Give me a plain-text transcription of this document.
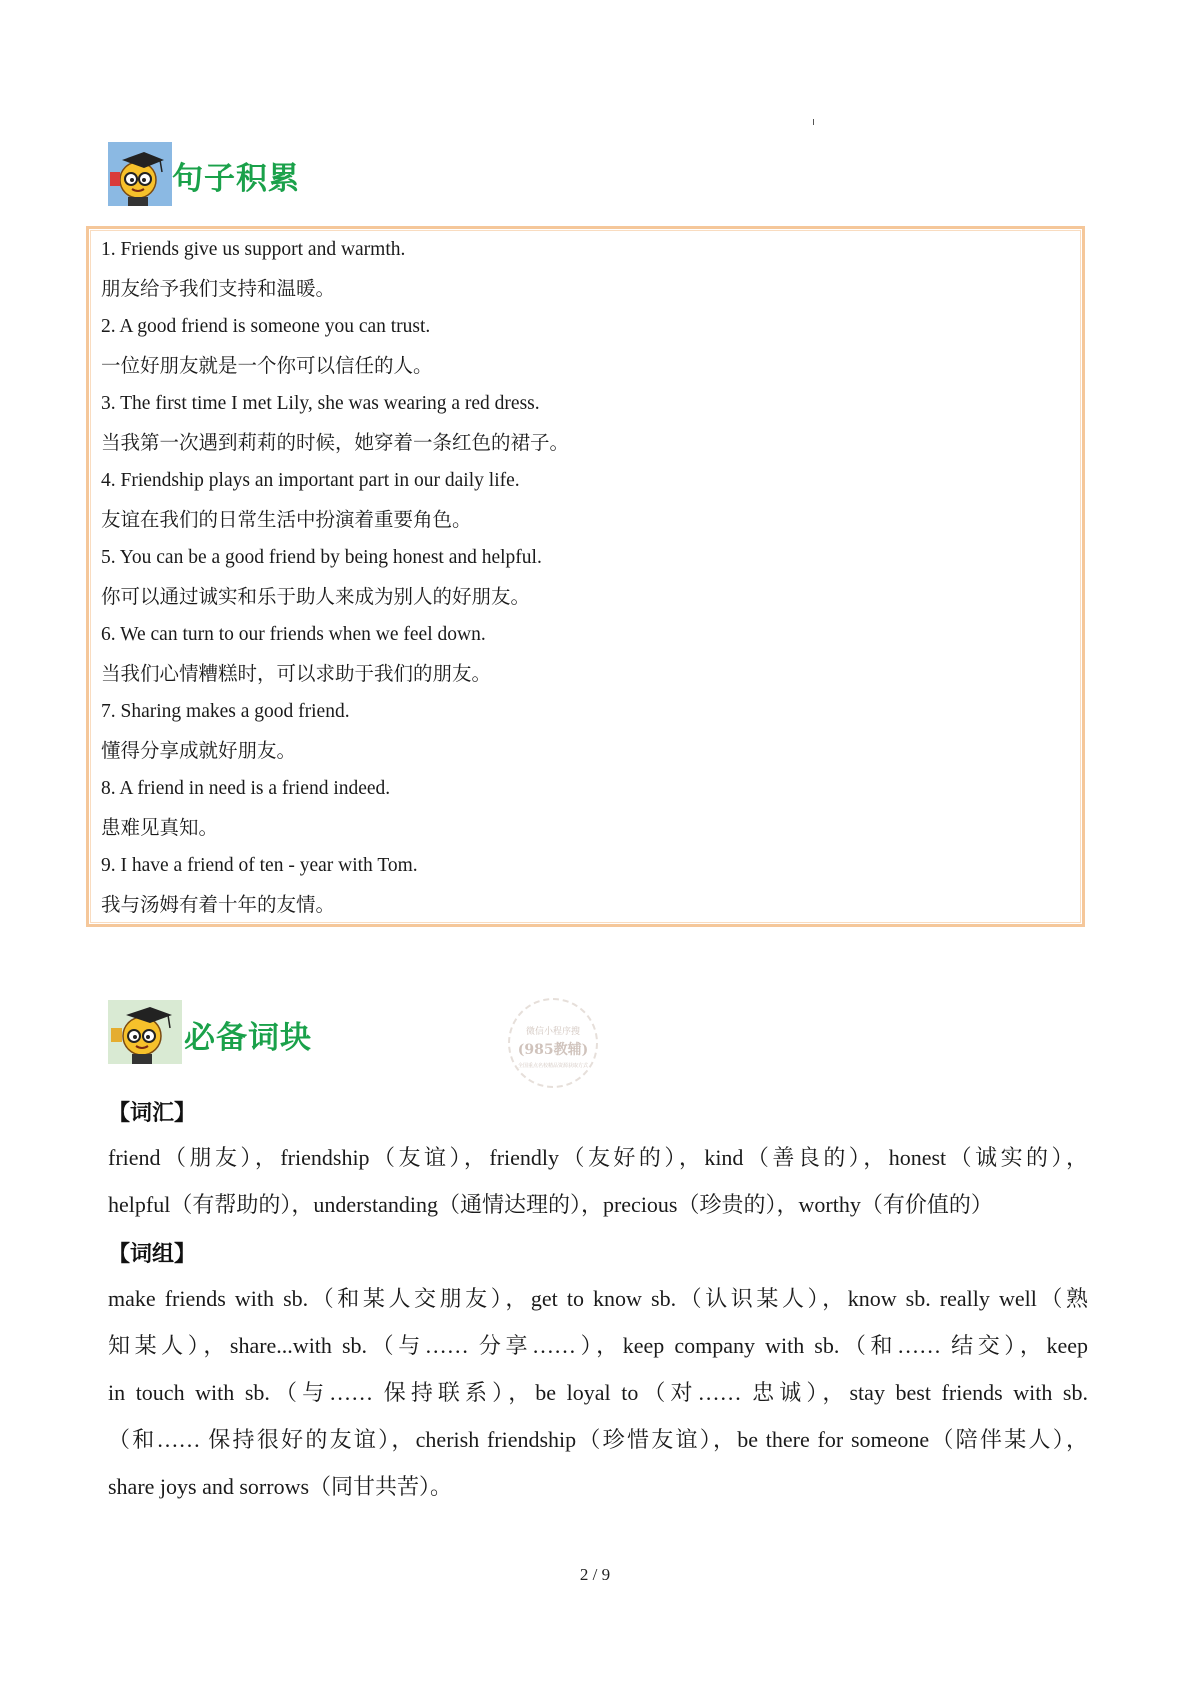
句子积累
1. Friends give us support and warmth.
朋友给予我们支持和温暖。
2. A good friend is someone you can trust.
一位好朋友就是一个你可以信任的人。
3. The first time I met Lily, she was wearing a red dress.
当我第一次遇到莉莉的时候，她穿着一条红色的裙子。
4. Friendship plays an important part in our daily life.
友谊在我们的日常生活中扮演着重要角色。
5. You can be a good friend by being honest and helpful.
你可以通过诚实和乐于助人来成为别人的好朋友。
6. We can turn to our friends when we feel down.
当我们心情糟糕时，可以求助于我们的朋友。
7. Sharing makes a good friend.
懂得分享成就好朋友。
8. A friend in need is a friend indeed.
患难见真知。
9. I have a friend of ten - year with Tom.
我与汤姆有着十年的友情。
必备词块	微信小程序搜
(985教辅)
全国重点名校精品资源获取方式
【词汇】
friend（朋友），friendship（友谊），friendly（友好的），kind（善良的），honest（诚实的），
helpful（有帮助的），understanding（通情达理的），precious（珍贵的），worthy（有价值的）
【词组】
make friends with sb.（和某人交朋友），get to know sb.（认识某人），know sb. really well（熟
知某人），share...with sb.（与…… 分享……），keep company with sb.（和…… 结交），keep
in touch with sb.（与…… 保持联系），be loyal to（对…… 忠诚），stay best friends with sb.
（和…… 保持很好的友谊），cherish friendship（珍惜友谊），be there for someone（陪伴某人），
share joys and sorrows（同甘共苦）。
2 / 9
